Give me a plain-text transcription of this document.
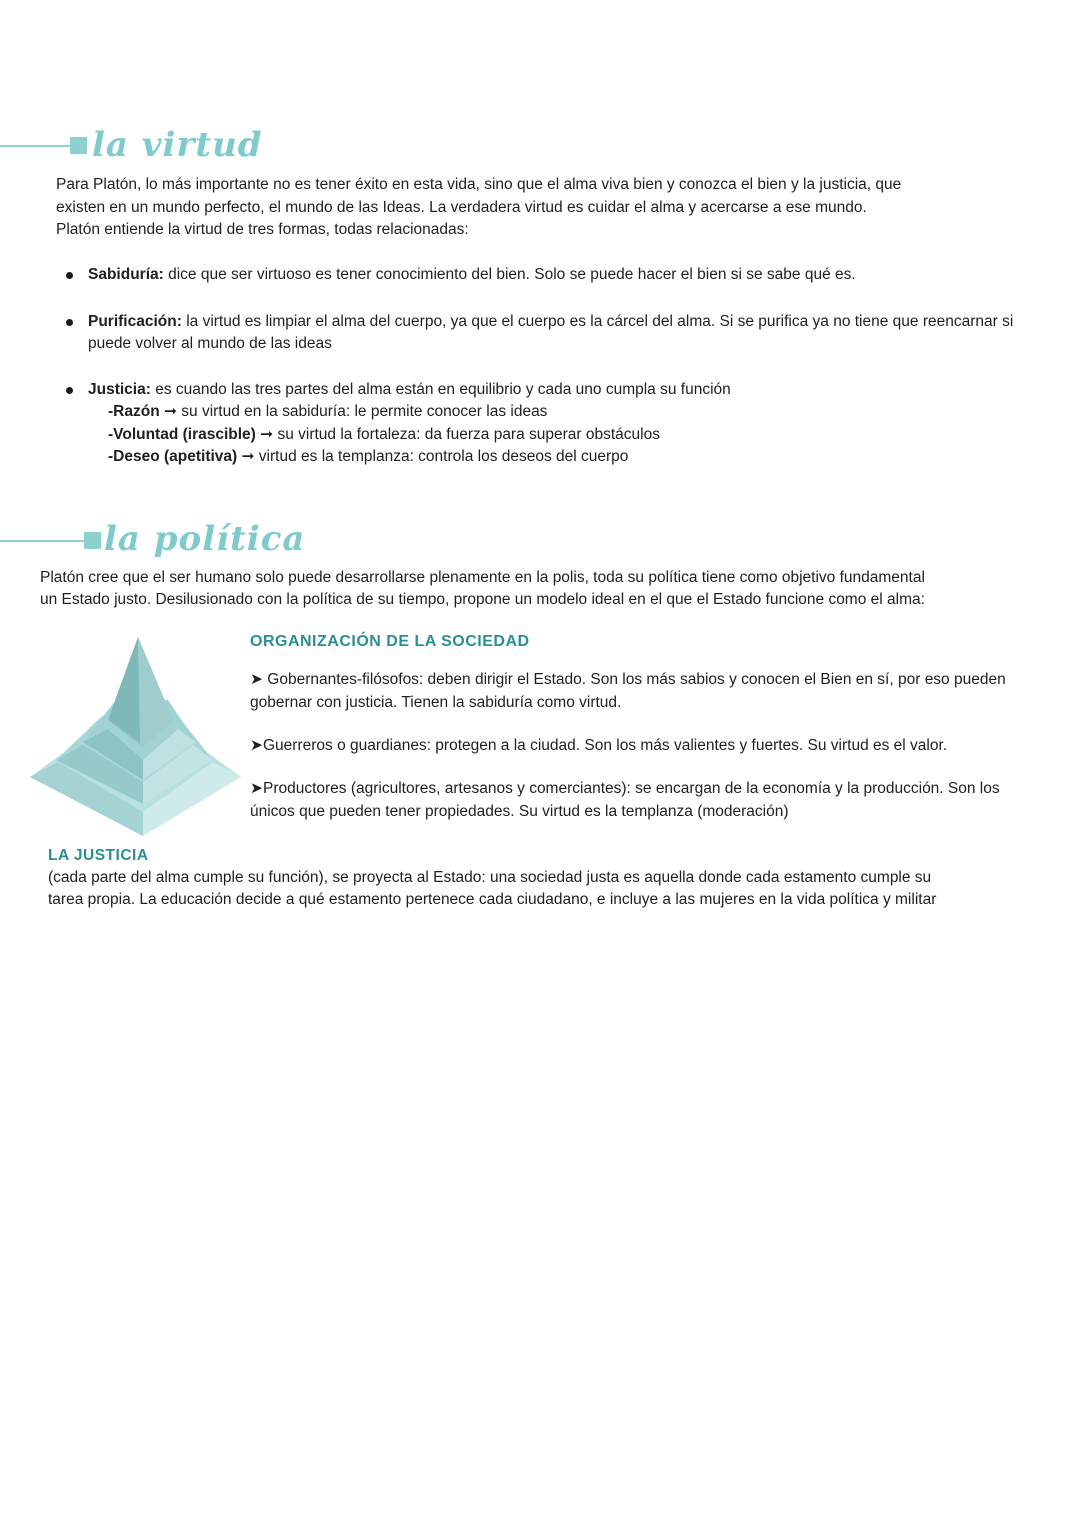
la virtud

Para Platón, lo más importante no es tener éxito en esta vida, sino que el alma viva bien y conozca el bien y la justicia, que

existen en un mundo perfecto, el mundo de las Ideas. La verdadera virtud es cuidar el alma y acercarse a ese mundo.

Platón entiende la virtud de tres formas, todas relacionadas:

Sabiduría: dice que ser virtuoso es tener conocimiento del bien. Solo se puede hacer el bien si se sabe qué es.
Purificación: la virtud es limpiar el alma del cuerpo, ya que el cuerpo es la cárcel del alma. Si se purifica ya no tiene que reencarnar si puede volver al mundo de las ideas
Justicia: es cuando las tres partes del alma están en equilibrio y cada uno cumpla su función
-Razón ➞ su virtud en la sabiduría: le permite conocer las ideas
-Voluntad (irascible) ➞ su virtud la fortaleza: da fuerza para superar obstáculos
-Deseo (apetitiva) ➞ virtud es la templanza: controla los deseos del cuerpo
la política

Platón cree que el ser humano solo puede desarrollarse plenamente en la polis, toda su política tiene como objetivo fundamental

un Estado justo. Desilusionado con la política de su tiempo, propone un modelo ideal en el que el Estado funcione como el alma:

ORGANIZACIÓN DE LA SOCIEDAD

➤ Gobernantes-filósofos: deben dirigir el Estado. Son los más sabios y conocen el Bien en sí, por eso pueden gobernar con justicia. Tienen la sabiduría como virtud.

➤Guerreros o guardianes: protegen a la ciudad. Son los más valientes y fuertes. Su virtud es el valor.

➤Productores (agricultores, artesanos y comerciantes): se encargan de la economía y la producción. Son los únicos que pueden tener propiedades. Su virtud es la templanza (moderación)

LA JUSTICIA

(cada parte del alma cumple su función), se proyecta al Estado: una sociedad justa es aquella donde cada estamento cumple su

tarea propia. La educación decide a qué estamento pertenece cada ciudadano, e incluye a las mujeres en la vida política y militar
